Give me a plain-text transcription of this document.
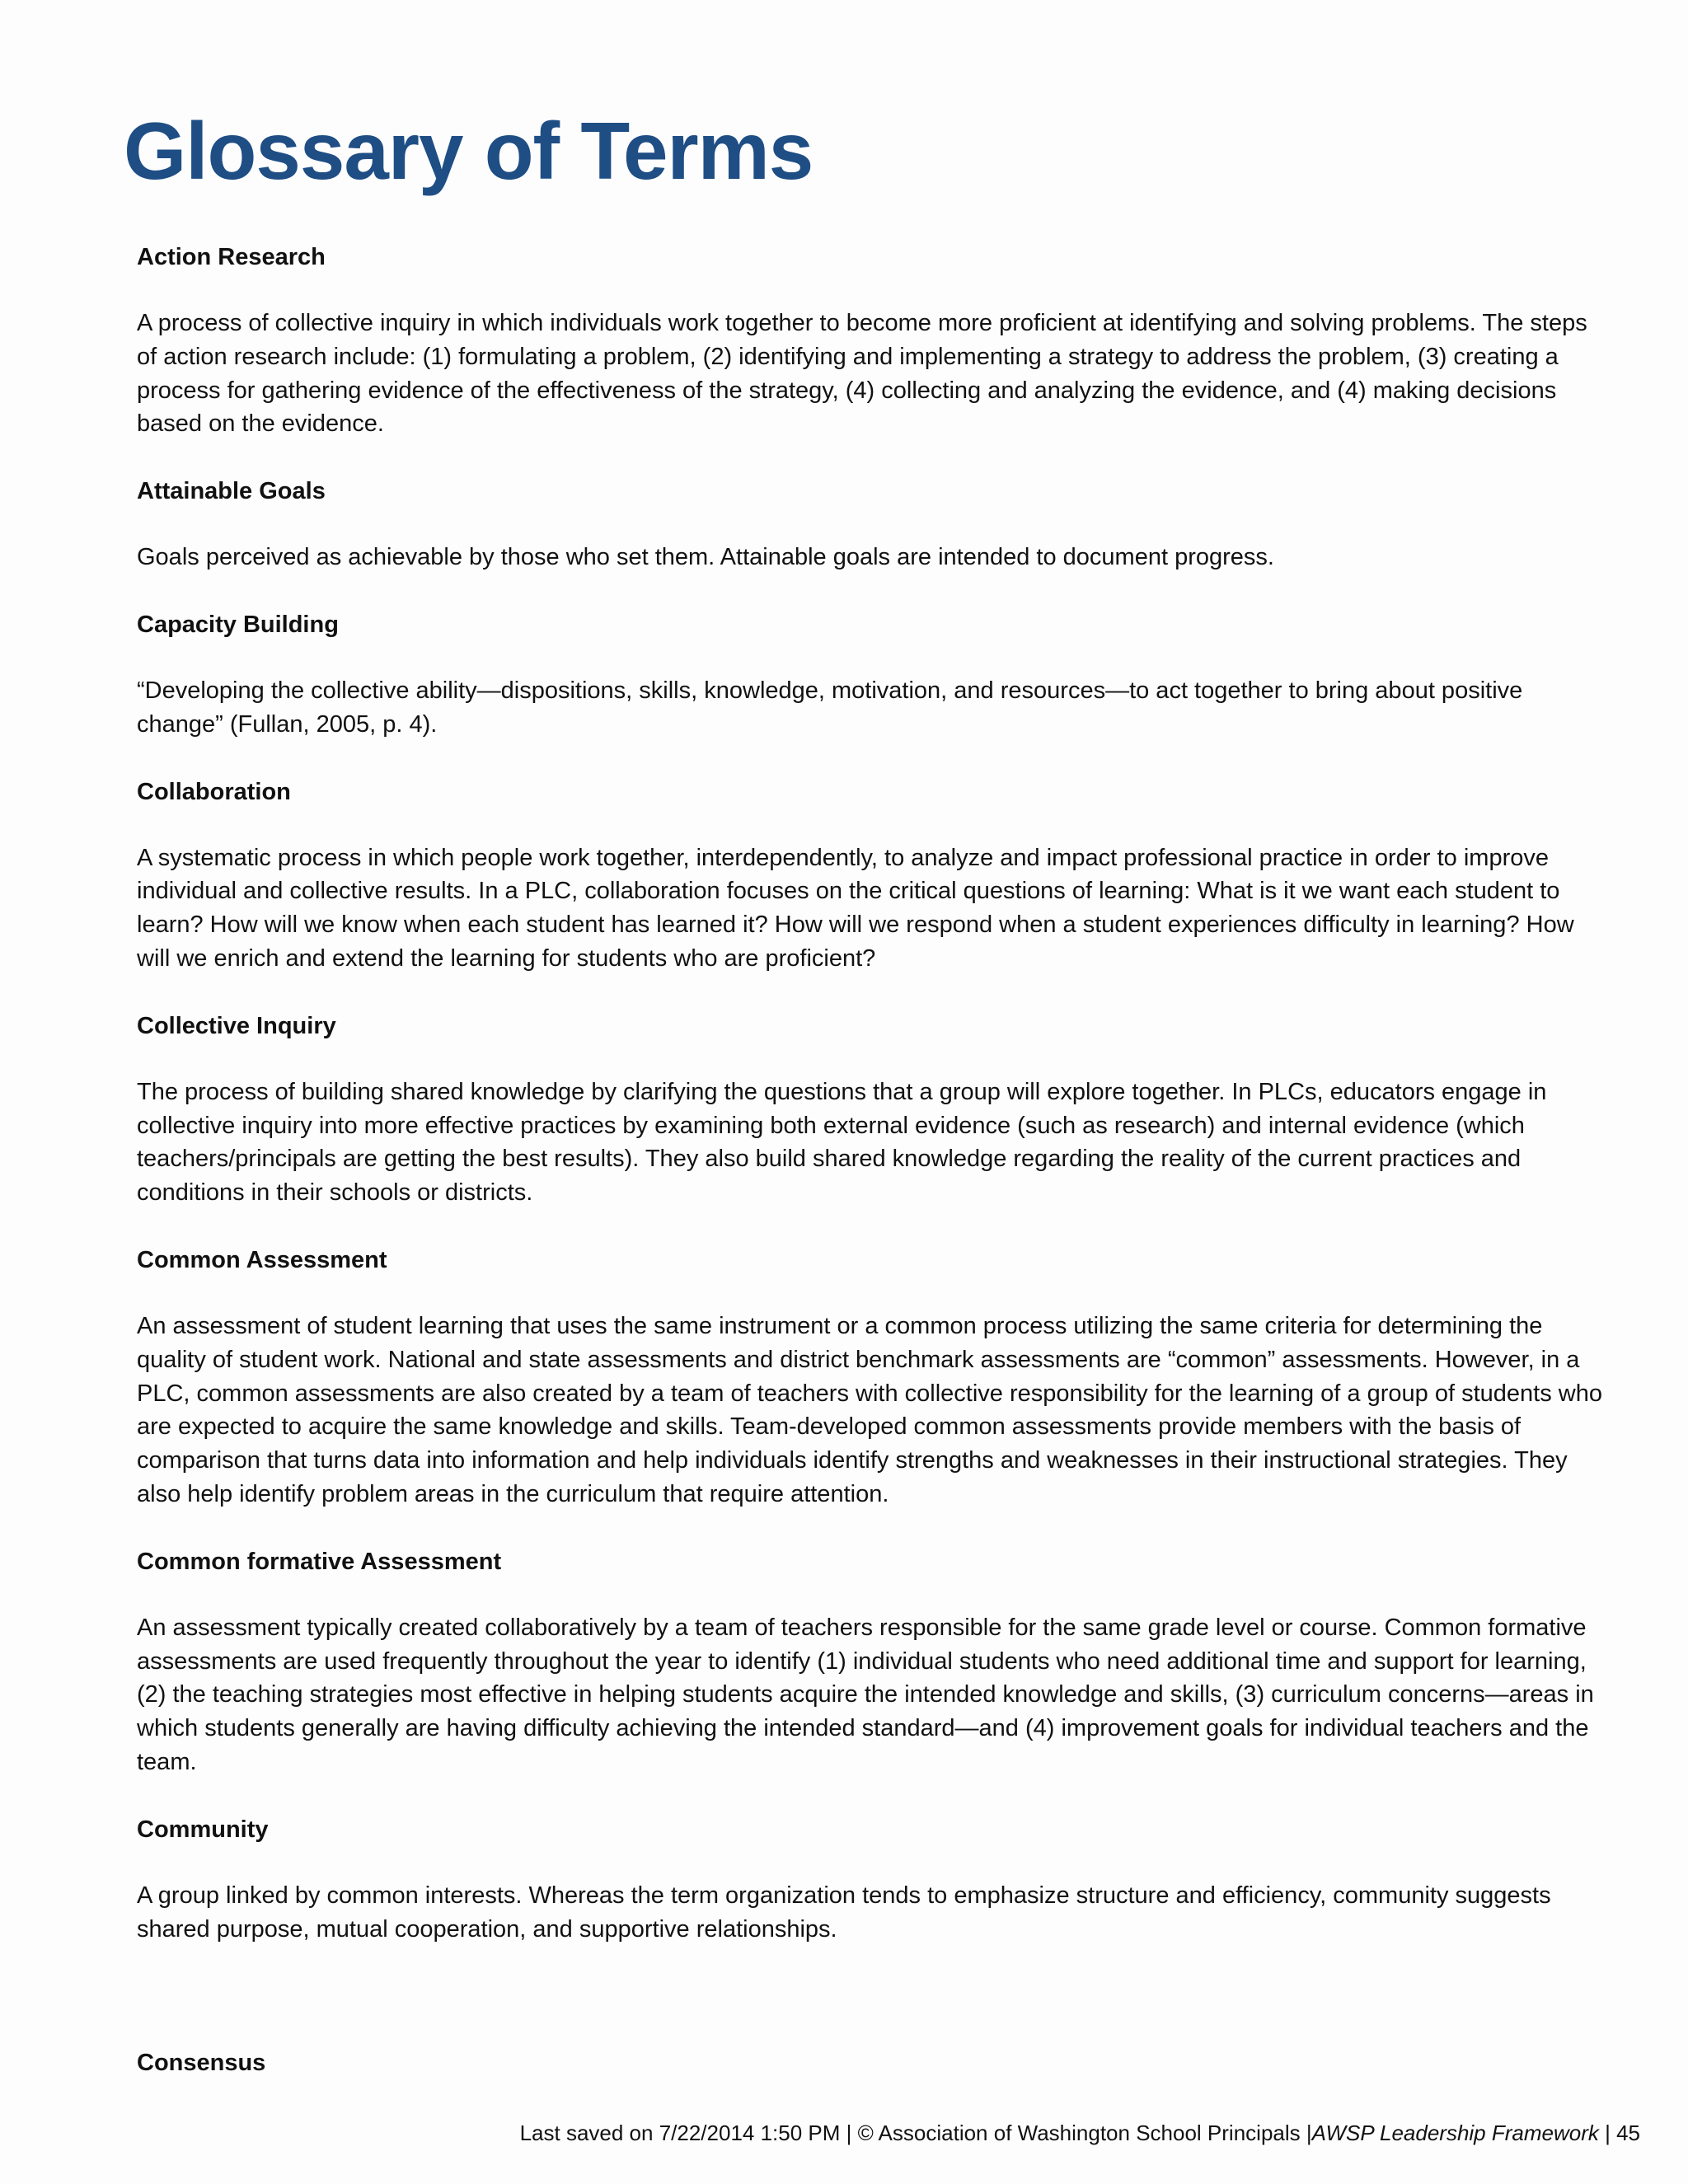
Glossary of Terms
Action Research

A process of collective inquiry in which individuals work together to become more proficient at identifying and solving problems. The steps of action research include: (1) formulating a problem, (2) identifying and implementing a strategy to address the problem, (3) creating a process for gathering evidence of the effectiveness of the strategy, (4) collecting and analyzing the evidence, and (4) making decisions based on the evidence.

Attainable Goals

Goals perceived as achievable by those who set them. Attainable goals are intended to document progress.

Capacity Building

“Developing the collective ability—dispositions, skills, knowledge, motivation, and resources—to act together to bring about positive change” (Fullan, 2005, p. 4).

Collaboration

A systematic process in which people work together, interdependently, to analyze and impact professional practice in order to improve individual and collective results. In a PLC, collaboration focuses on the critical questions of learning: What is it we want each student to learn? How will we know when each student has learned it? How will we respond when a student experiences difficulty in learning? How will we enrich and extend the learning for students who are proficient?

Collective Inquiry

The process of building shared knowledge by clarifying the questions that a group will explore together. In PLCs, educators engage in collective inquiry into more effective practices by examining both external evidence (such as research) and internal evidence (which teachers/principals are getting the best results). They also build shared knowledge regarding the reality of the current practices and conditions in their schools or districts.

Common Assessment

An assessment of student learning that uses the same instrument or a common process utilizing the same criteria for determining the quality of student work. National and state assessments and district benchmark assessments are “common” assessments. However, in a PLC, common assessments are also created by a team of teachers with collective responsibility for the learning of a group of students who are expected to acquire the same knowledge and skills. Team-developed common assessments provide members with the basis of comparison that turns data into information and help individuals identify strengths and weaknesses in their instructional strategies. They also help identify problem areas in the curriculum that require attention.

Common formative Assessment

An assessment typically created collaboratively by a team of teachers responsible for the same grade level or course. Common formative assessments are used frequently throughout the year to identify (1) individual students who need additional time and support for learning, (2) the teaching strategies most effective in helping students acquire the intended knowledge and skills, (3) curriculum concerns—areas in which students generally are having difficulty achieving the intended standard—and (4) improvement goals for individual teachers and the team.

Community

A group linked by common interests. Whereas the term organization tends to emphasize structure and efficiency, community suggests shared purpose, mutual cooperation, and supportive relationships.

Consensus
Last saved on 7/22/2014 1:50 PM | © Association of Washington School Principals |AWSP Leadership Framework | 45
